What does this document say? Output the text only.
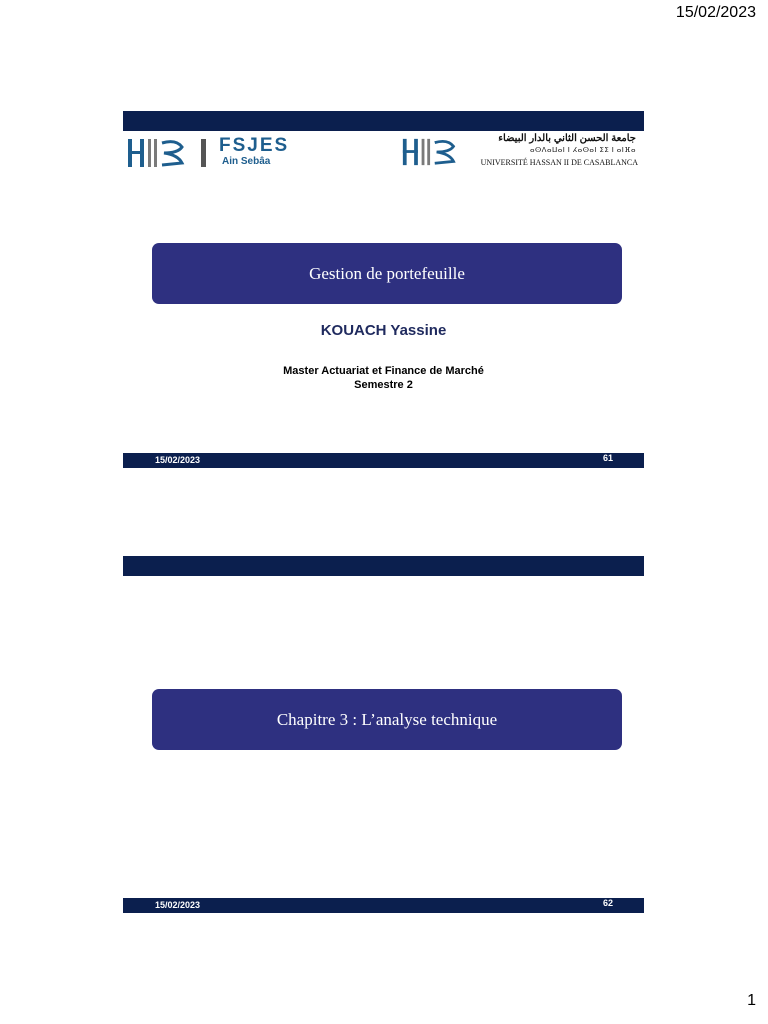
15/02/2023
FSJES
Ain Sebâa
جامعة الحسن الثاني بالدار البيضاء
ⴰⵙⴷⴰⵡⴰⵏ ⵏ ⵃⴰⵙⴰⵏ ⵉⵉ ⵏ ⴰⵏⴼⴰ
UNIVERSITÉ HASSAN II DE CASABLANCA
Gestion de portefeuille
KOUACH Yassine
Master Actuariat et Finance de Marché
Semestre 2
15/02/2023	61
Chapitre 3 : L’analyse technique
15/02/2023	62
1
